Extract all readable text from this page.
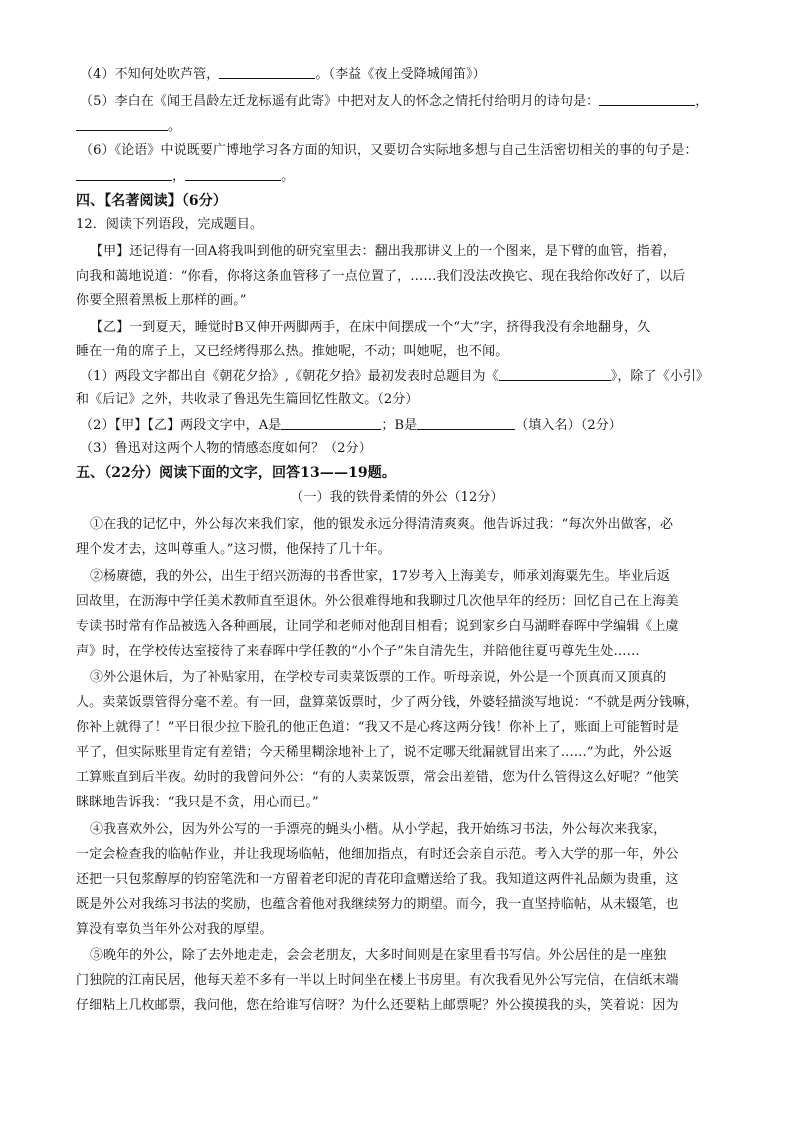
（4）不知何处吹芦管，	。（李益《夜上受降城闻笛》）
（5）李白在《闻王昌龄左迁龙标遥有此寄》中把对友人的怀念之情托付给明月的诗句是：	，
。
（6）《论语》中说既要广博地学习各方面的知识，又要切合实际地多想与自己生活密切相关的事的句子是：
，	。
四、【名著阅读】（6分）
12．阅读下列语段，完成题目。
【甲】还记得有一回A将我叫到他的研究室里去：翻出我那讲义上的一个图来，是下臂的血管，指着，
向我和蔼地说道：“你看，你将这条血管移了一点位置了，……我们没法改换它、现在我给你改好了，以后
你要全照着黑板上那样的画。”
【乙】一到夏天，睡觉时B又伸开两脚两手，在床中间摆成一个“大”字，挤得我没有余地翻身，久
睡在一角的席子上，又已经烤得那么热。推她呢，不动；叫她呢，也不闻。
（1）两段文字都出自《朝花夕拾》,《朝花夕拾》最初发表时总题目为《	》，除了《小引》
和《后记》之外，共收录了鲁迅先生篇回忆性散文。（2分）
（2）【甲】【乙】两段文字中，A是	；B是	（填入名）（2分）
（3）鲁迅对这两个人物的情感态度如何？（2分）
五、（22分）阅读下面的文字，回答13——19题。
（一）我的铁骨柔情的外公（12分）
①在我的记忆中，外公每次来我们家，他的银发永远分得清清爽爽。他告诉过我：“每次外出做客，必
理个发才去，这叫尊重人。”这习惯，他保持了几十年。
②杨赓德，我的外公，出生于绍兴沥海的书香世家，17岁考入上海美专，师承刘海粟先生。毕业后返
回故里，在沥海中学任美术教师直至退休。外公很难得地和我聊过几次他早年的经历：回忆自己在上海美
专读书时常有作品被选入各种画展，让同学和老师对他刮目相看；说到家乡白马湖畔春晖中学编辑《上虞
声》时，在学校传达室接待了来春晖中学任教的“小个子”朱自清先生，并陪他往夏丏尊先生处……
③外公退休后，为了补贴家用，在学校专司卖菜饭票的工作。听母亲说，外公是一个顶真而又顶真的
人。卖菜饭票管得分毫不差。有一回，盘算菜饭票时，少了两分钱，外婆轻描淡写地说：“不就是两分钱嘛，
你补上就得了！”平日很少拉下脸孔的他正色道：“我又不是心疼这两分钱！你补上了，账面上可能暂时是
平了，但实际账里肯定有差错；今天稀里糊涂地补上了，说不定哪天纰漏就冒出来了……”为此，外公返
工算账直到后半夜。幼时的我曾问外公：“有的人卖菜饭票，常会出差错，您为什么管得这么好呢？”他笑
眯眯地告诉我：“我只是不贪，用心而已。”
④我喜欢外公，因为外公写的一手漂亮的蝇头小楷。从小学起，我开始练习书法，外公每次来我家，
一定会检查我的临帖作业，并让我现场临帖，他细加指点，有时还会亲自示范。考入大学的那一年，外公
还把一只包浆醇厚的钧窑笔洗和一方留着老印泥的青花印盒赠送给了我。我知道这两件礼品颇为贵重，这
既是外公对我练习书法的奖励，也蕴含着他对我继续努力的期望。而今，我一直坚持临帖，从未辍笔，也
算没有辜负当年外公对我的厚望。
⑤晚年的外公，除了去外地走走，会会老朋友，大多时间则是在家里看书写信。外公居住的是一座独
门独院的江南民居，他每天差不多有一半以上时间坐在楼上书房里。有次我看见外公写完信，在信纸末端
仔细粘上几枚邮票，我问他，您在给谁写信呀？为什么还要粘上邮票呢？外公摸摸我的头，笑着说：因为
